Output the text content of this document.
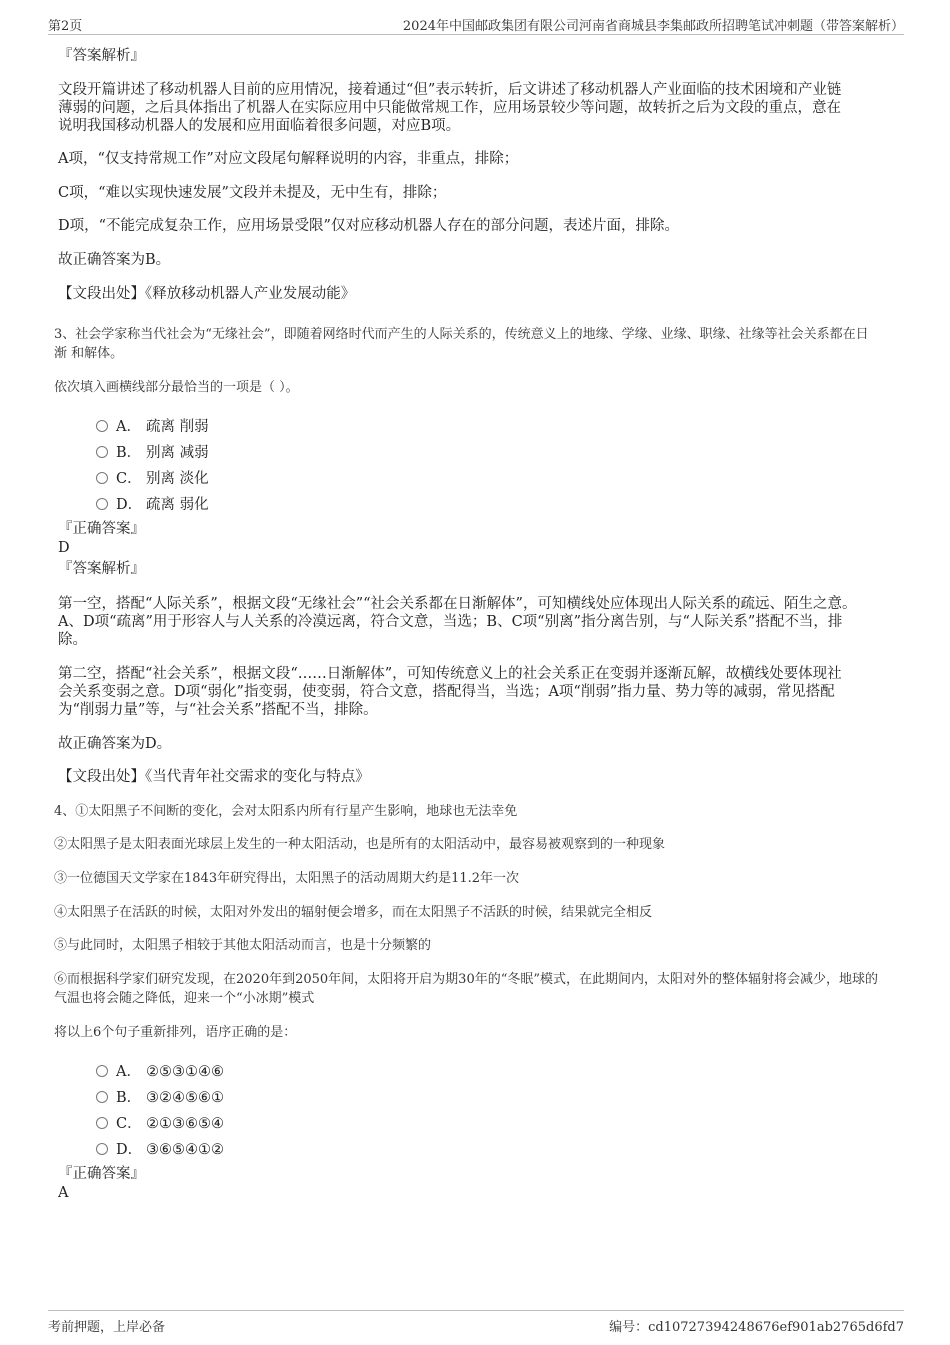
第2页	2024年中国邮政集团有限公司河南省商城县李集邮政所招聘笔试冲刺题（带答案解析）
『答案解析』
文段开篇讲述了移动机器人目前的应用情况，接着通过“但”表示转折，后文讲述了移动机器人产业面临的技术困境和产业链
薄弱的问题，之后具体指出了机器人在实际应用中只能做常规工作，应用场景较少等问题，故转折之后为文段的重点，意在
说明我国移动机器人的发展和应用面临着很多问题，对应B项。
A项，“仅支持常规工作”对应文段尾句解释说明的内容，非重点，排除；
C项，“难以实现快速发展”文段并未提及，无中生有，排除；
D项，“不能完成复杂工作，应用场景受限”仅对应移动机器人存在的部分问题，表述片面，排除。
故正确答案为B。
【文段出处】《释放移动机器人产业发展动能》
3、社会学家称当代社会为“无缘社会”，即随着网络时代而产生的人际关系的，传统意义上的地缘、学缘、业缘、职缘、社缘等社会关系都在日
渐 和解体。
依次填入画横线部分最恰当的一项是（ ）。
A． 疏离 削弱
B． 别离 减弱
C． 别离 淡化
D． 疏离 弱化
『正确答案』
D
『答案解析』
第一空，搭配“人际关系”，根据文段“无缘社会”“社会关系都在日渐解体”，可知横线处应体现出人际关系的疏远、陌生之意。
A、D项“疏离”用于形容人与人关系的冷漠远离，符合文意，当选；B、C项“别离”指分离告别，与“人际关系”搭配不当，排
除。
第二空，搭配“社会关系”，根据文段“……日渐解体”，可知传统意义上的社会关系正在变弱并逐渐瓦解，故横线处要体现社
会关系变弱之意。D项“弱化”指变弱，使变弱，符合文意，搭配得当，当选；A项“削弱”指力量、势力等的减弱，常见搭配
为“削弱力量”等，与“社会关系”搭配不当，排除。
故正确答案为D。
【文段出处】《当代青年社交需求的变化与特点》
4、①太阳黑子不间断的变化，会对太阳系内所有行星产生影响，地球也无法幸免
②太阳黑子是太阳表面光球层上发生的一种太阳活动，也是所有的太阳活动中，最容易被观察到的一种现象
③一位德国天文学家在1843年研究得出，太阳黑子的活动周期大约是11.2年一次
④太阳黑子在活跃的时候，太阳对外发出的辐射便会增多，而在太阳黑子不活跃的时候，结果就完全相反
⑤与此同时，太阳黑子相较于其他太阳活动而言，也是十分频繁的
⑥而根据科学家们研究发现，在2020年到2050年间，太阳将开启为期30年的“冬眠”模式，在此期间内，太阳对外的整体辐射将会减少，地球的
气温也将会随之降低，迎来一个“小冰期”模式
将以上6个句子重新排列，语序正确的是：
A． ②⑤③①④⑥
B． ③②④⑤⑥①
C． ②①③⑥⑤④
D． ③⑥⑤④①②
『正确答案』
A
考前押题，上岸必备	编号：cd10727394248676ef901ab2765d6fd7
